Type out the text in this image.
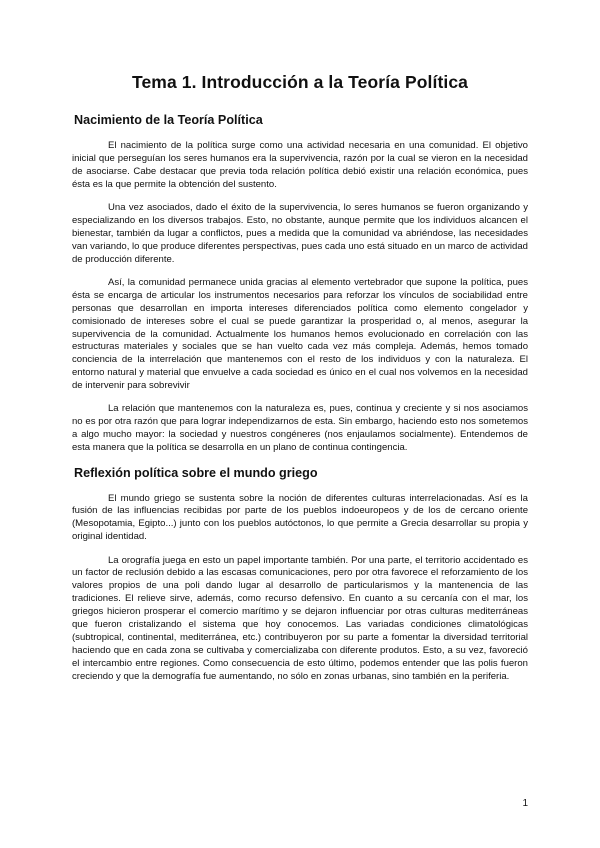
Tema 1. Introducción a la Teoría Política
Nacimiento de la Teoría Política

El nacimiento de la política surge como una actividad necesaria en una comunidad. El objetivo inicial que perseguían los seres humanos era la supervivencia, razón por la cual se vieron en la necesidad de asociarse. Cabe destacar que previa toda relación política debió existir una relación económica, pues ésta es la que permite la obtención del sustento.

Una vez asociados, dado el éxito de la supervivencia, lo seres humanos se fueron organizando y especializando en los diversos trabajos. Esto, no obstante, aunque permite que los individuos alcancen el bienestar, también da lugar a conflictos, pues a medida que la comunidad va abriéndose, las necesidades van variando, lo que produce diferentes perspectivas, pues cada uno está situado en un marco de actividad de producción diferente.

Así, la comunidad permanece unida gracias al elemento vertebrador que supone la política, pues ésta se encarga de articular los instrumentos necesarios para reforzar los vínculos de sociabilidad entre personas que desarrollan en importa intereses diferenciados política como elemento congelador y comisionado de intereses sobre el cual se puede garantizar la prosperidad o, al menos, asegurar la supervivencia de la comunidad. Actualmente los humanos hemos evolucionado en correlación con las estructuras materiales y sociales que se han vuelto cada vez más compleja. Además, hemos tomado conciencia de la interrelación que mantenemos con el resto de los individuos y con la naturaleza. El entorno natural y material que envuelve a cada sociedad es único en el cual nos volvemos en la necesidad de intervenir para sobrevivir

La relación que mantenemos con la naturaleza es, pues, continua y creciente y si nos asociamos no es por otra razón que para lograr independizarnos de esta. Sin embargo, haciendo esto nos sometemos a algo mucho mayor: la sociedad y nuestros congéneres (nos enjaulamos socialmente). Entendemos de esta manera que la política se desarrolla en un plano de continua contingencia.

Reflexión política sobre el mundo griego

El mundo griego se sustenta sobre la noción de diferentes culturas interrelacionadas. Así es la fusión de las influencias recibidas por parte de los pueblos indoeuropeos y de los de cercano oriente (Mesopotamia, Egipto...) junto con los pueblos autóctonos, lo que permite a Grecia desarrollar su propia y original identidad.

La orografía juega en esto un papel importante también. Por una parte, el territorio accidentado es un factor de reclusión debido a las escasas comunicaciones, pero por otra favorece el reforzamiento de los valores propios de una poli dando lugar al desarrollo de particularismos y la mantenencia de las tradiciones. El relieve sirve, además, como recurso defensivo. En cuanto a su cercanía con el mar, los griegos hicieron prosperar el comercio marítimo y se dejaron influenciar por otras culturas mediterráneas que fueron cristalizando el sistema que hoy conocemos. Las variadas condiciones climatológicas (subtropical, continental, mediterránea, etc.) contribuyeron por su parte a fomentar la diversidad territorial haciendo que en cada zona se cultivaba y comercializaba con diferente produtos. Esto, a su vez, favoreció el intercambio entre regiones. Como consecuencia de esto último, podemos entender que las polis fueron creciendo y que la demografía fue aumentando, no sólo en zonas urbanas, sino también en la periferia.

1
